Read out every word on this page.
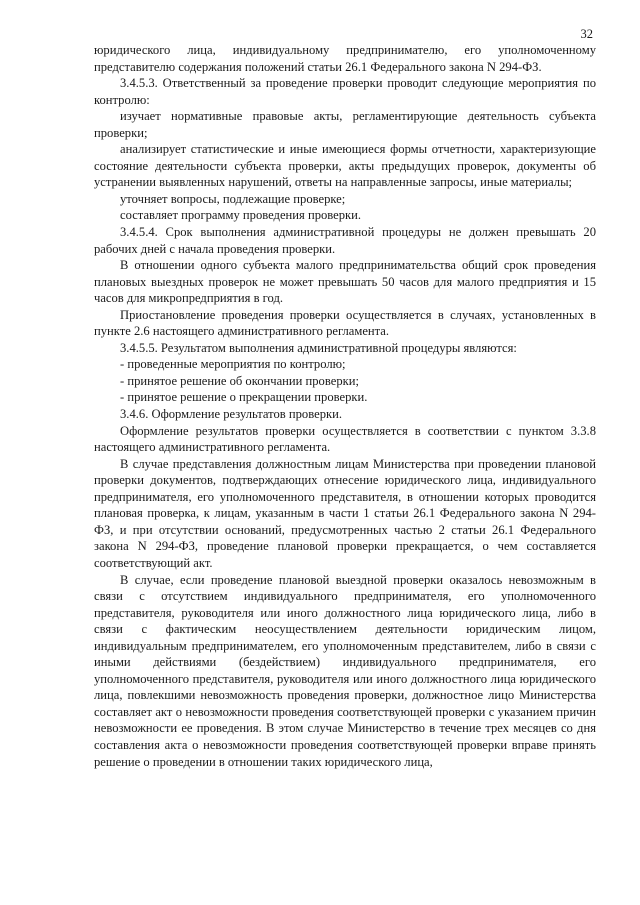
32

юридического лица, индивидуальному предпринимателю, его уполномоченному представителю содержания положений статьи 26.1 Федерального закона N 294-ФЗ.

3.4.5.3. Ответственный за проведение проверки проводит следующие мероприятия по контролю:

изучает нормативные правовые акты, регламентирующие деятельность субъекта проверки;

анализирует статистические и иные имеющиеся формы отчетности, характеризующие состояние деятельности субъекта проверки, акты предыдущих проверок, документы об устранении выявленных нарушений, ответы на направленные запросы, иные материалы;

уточняет вопросы, подлежащие проверке;

составляет программу проведения проверки.

3.4.5.4. Срок выполнения административной процедуры не должен превышать 20 рабочих дней с начала проведения проверки.

В отношении одного субъекта малого предпринимательства общий срок проведения плановых выездных проверок не может превышать 50 часов для малого предприятия и 15 часов для микропредприятия в год.

Приостановление проведения проверки осуществляется в случаях, установленных в пункте 2.6 настоящего административного регламента.

3.4.5.5. Результатом выполнения административной процедуры являются:

- проведенные мероприятия по контролю;

- принятое решение об окончании проверки;

- принятое решение о прекращении проверки.

3.4.6. Оформление результатов проверки.

Оформление результатов проверки осуществляется в соответствии с пунктом 3.3.8 настоящего административного регламента.

В случае представления должностным лицам Министерства при проведении плановой проверки документов, подтверждающих отнесение юридического лица, индивидуального предпринимателя, его уполномоченного представителя, в отношении которых проводится плановая проверка, к лицам, указанным в части 1 статьи 26.1 Федерального закона N 294-ФЗ, и при отсутствии оснований, предусмотренных частью 2 статьи 26.1 Федерального закона N 294-ФЗ, проведение плановой проверки прекращается, о чем составляется соответствующий акт.

В случае, если проведение плановой выездной проверки оказалось невозможным в связи с отсутствием индивидуального предпринимателя, его уполномоченного представителя, руководителя или иного должностного лица юридического лица, либо в связи с фактическим неосуществлением деятельности юридическим лицом, индивидуальным предпринимателем, его уполномоченным представителем, либо в связи с иными действиями (бездействием) индивидуального предпринимателя, его уполномоченного представителя, руководителя или иного должностного лица юридического лица, повлекшими невозможность проведения проверки, должностное лицо Министерства составляет акт о невозможности проведения соответствующей проверки с указанием причин невозможности ее проведения. В этом случае Министерство в течение трех месяцев со дня составления акта о невозможности проведения соответствующей проверки вправе принять решение о проведении в отношении таких юридического лица,
